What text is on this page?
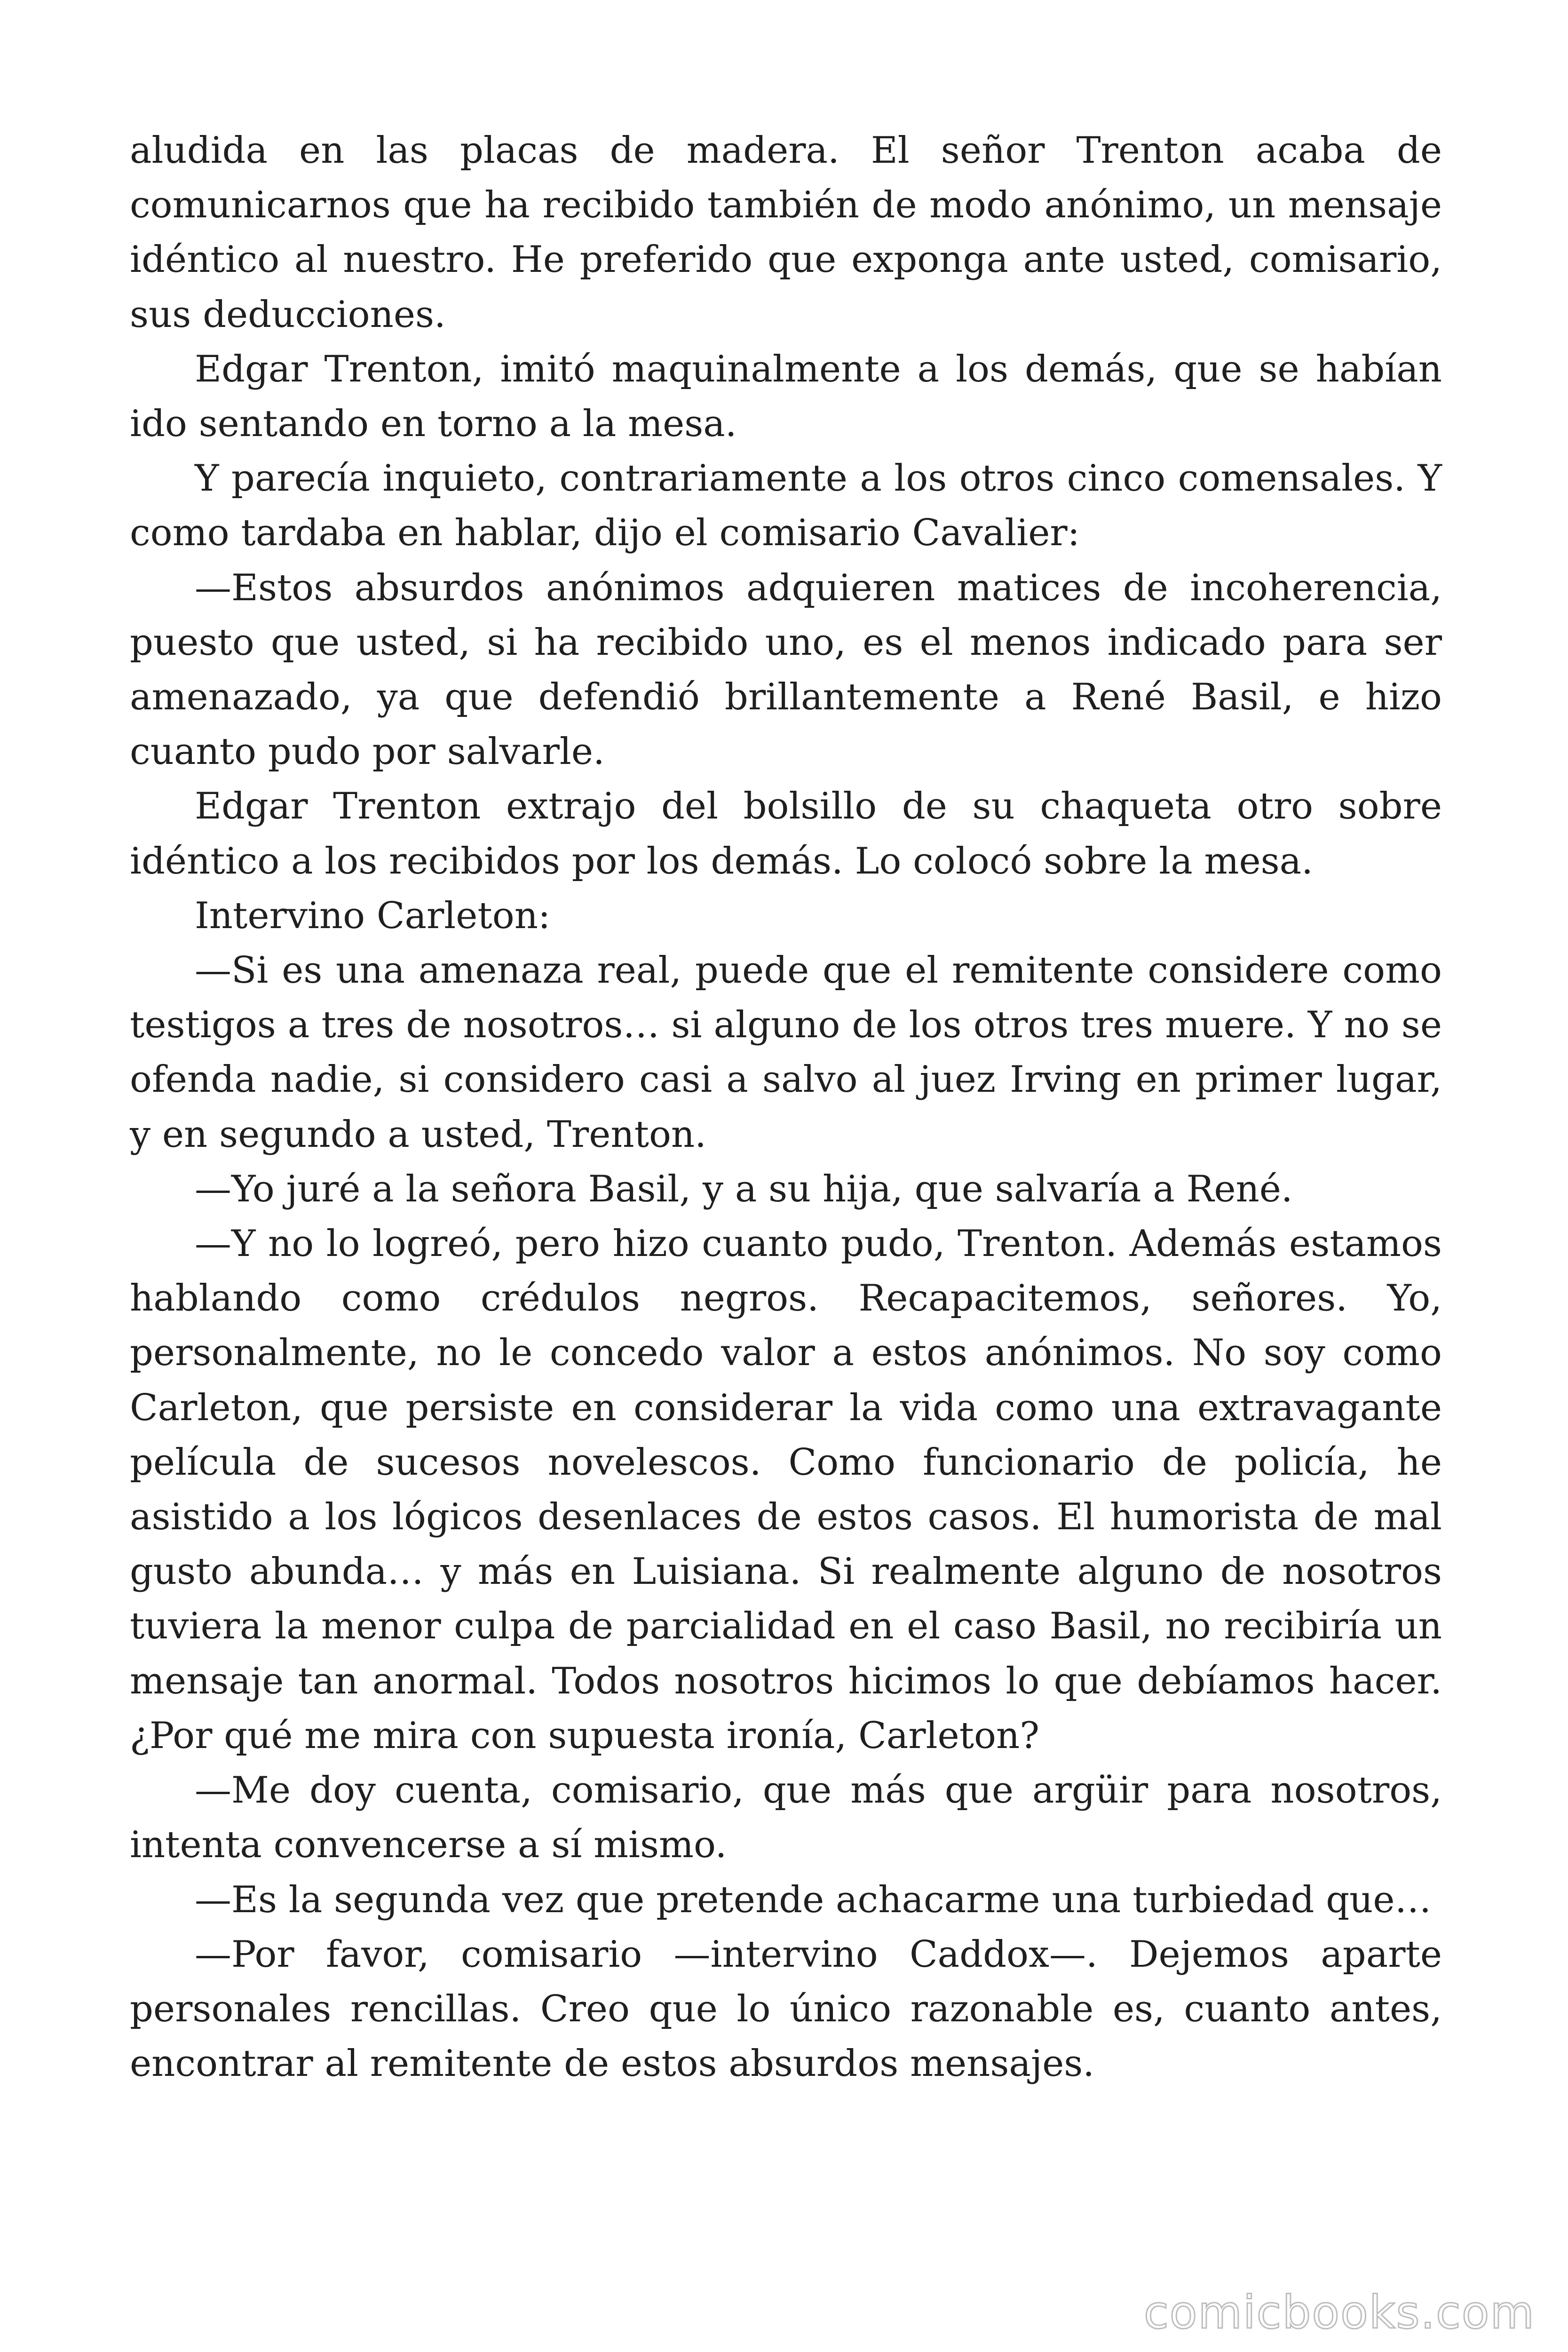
aludida en las placas de madera. El señor Trenton acaba de comunicarnos que ha recibido también de modo anónimo, un mensaje idéntico al nuestro. He preferido que exponga ante usted, comisario, sus deducciones.

Edgar Trenton, imitó maquinalmente a los demás, que se habían ido sentando en torno a la mesa.

Y parecía inquieto, contrariamente a los otros cinco comensales. Y como tardaba en hablar, dijo el comisario Cavalier:

—Estos absurdos anónimos adquieren matices de incoherencia, puesto que usted, si ha recibido uno, es el menos indicado para ser amenazado, ya que defendió brillantemente a René Basil, e hizo cuanto pudo por salvarle.

Edgar Trenton extrajo del bolsillo de su chaqueta otro sobre idéntico a los recibidos por los demás. Lo colocó sobre la mesa.

Intervino Carleton:

—Si es una amenaza real, puede que el remitente considere como testigos a tres de nosotros… si alguno de los otros tres muere. Y no se ofenda nadie, si considero casi a salvo al juez Irving en primer lugar, y en segundo a usted, Trenton.

—Yo juré a la señora Basil, y a su hija, que salvaría a René.

—Y no lo logreó, pero hizo cuanto pudo, Trenton. Además estamos hablando como crédulos negros. Recapacitemos, señores. Yo, personalmente, no le concedo valor a estos anónimos. No soy como Carleton, que persiste en considerar la vida como una extravagante película de sucesos novelescos. Como funcionario de policía, he asistido a los lógicos desenlaces de estos casos. El humorista de mal gusto abunda… y más en Luisiana. Si realmente alguno de nosotros tuviera la menor culpa de parcialidad en el caso Basil, no recibiría un mensaje tan anormal. Todos nosotros hicimos lo que debíamos hacer. ¿Por qué me mira con supuesta ironía, Carleton?

—Me doy cuenta, comisario, que más que argüir para nosotros, intenta convencerse a sí mismo.

—Es la segunda vez que pretende achacarme una turbiedad que…

—Por favor, comisario —intervino Caddox—. Dejemos aparte personales rencillas. Creo que lo único razonable es, cuanto antes, encontrar al remitente de estos absurdos mensajes.

comicbooks.com
